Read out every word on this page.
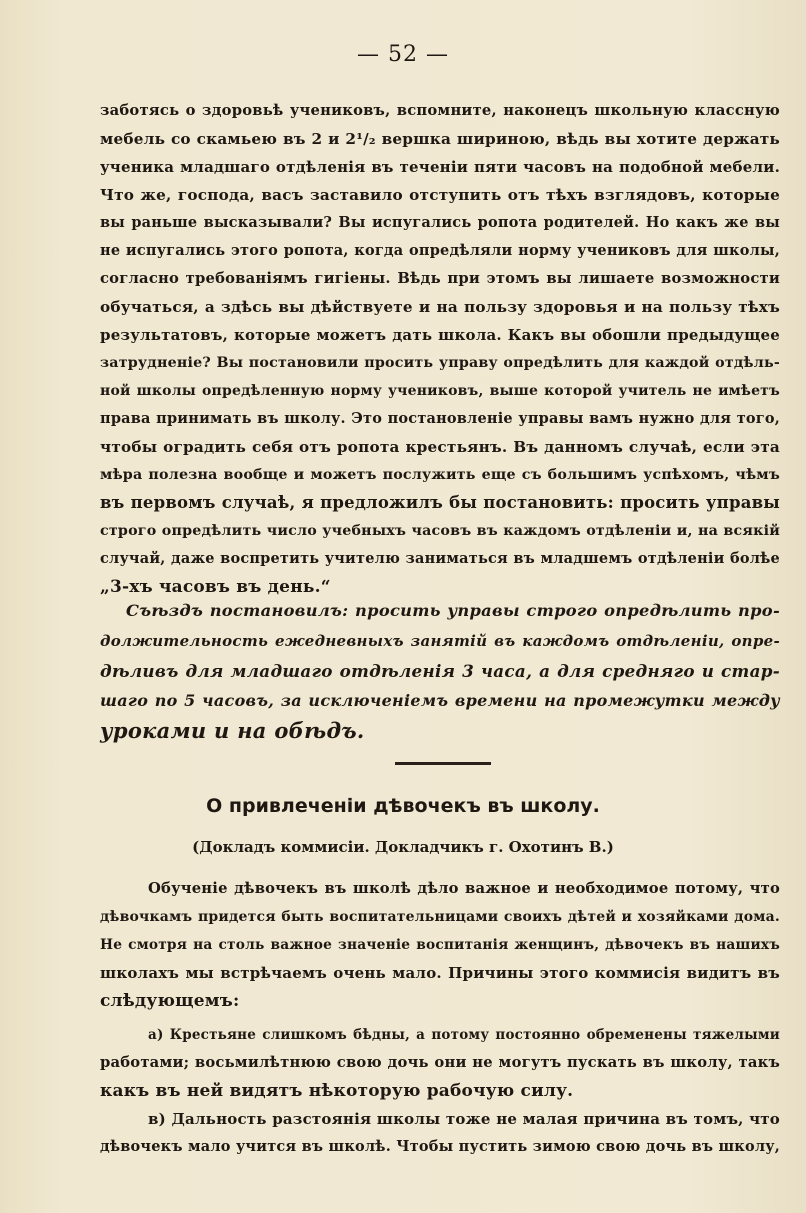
— 52 —
заботясь о здоровьѣ учениковъ, вспомните, наконецъ школьную классную
мебель со скамьею въ 2 и 2¹/₂ вершка шириною, вѣдь вы хотите держать
ученика младшаго отдѣленія въ теченіи пяти часовъ на подобной мебели.
Что же, господа, васъ заставило отступить отъ тѣхъ взглядовъ, которые
вы раньше высказывали? Вы испугались ропота родителей. Но какъ же вы
не испугались этого ропота, когда опредѣляли норму учениковъ для школы,
согласно требованіямъ гигіены. Вѣдь при этомъ вы лишаете возможности
обучаться, а здѣсь вы дѣйствуете и на пользу здоровья и на пользу тѣхъ
результатовъ, которые можетъ дать школа. Какъ вы обошли предыдущее
затрудненіе? Вы постановили просить управу опредѣлить для каждой отдѣль-
ной школы опредѣленную норму учениковъ, выше которой учитель не имѣетъ
права принимать въ школу. Это постановленіе управы вамъ нужно для того,
чтобы оградить себя отъ ропота крестьянъ. Въ данномъ случаѣ, если эта
мѣра полезна вообще и можетъ послужить еще съ большимъ успѣхомъ, чѣмъ
въ первомъ случаѣ, я предложилъ бы постановить: просить управы
строго опредѣлить число учебныхъ часовъ въ каждомъ отдѣленіи и, на всякій
случай, даже воспретить учителю заниматься въ младшемъ отдѣленіи болѣе
„3-хъ часовъ въ день.“
Съѣздъ постановилъ: просить управы строго опредѣлить про-
должительность ежедневныхъ занятій въ каждомъ отдѣленіи, опре-
дѣливъ для младшаго отдѣленія 3 часа, а для средняго и стар-
шаго по 5 часовъ, за исключеніемъ времени на промежутки между
уроками и на обѣдъ.
О привлеченіи дѣвочекъ въ школу.
(Докладъ коммисіи. Докладчикъ г. Охотинъ В.)
Обученіе дѣвочекъ въ школѣ дѣло важное и необходимое потому, что
дѣвочкамъ придется быть воспитательницами своихъ дѣтей и хозяйками дома.
Не смотря на столь важное значеніе воспитанія женщинъ, дѣвочекъ въ нашихъ
школахъ мы встрѣчаемъ очень мало. Причины этого коммисія видитъ въ
слѣдующемъ:
а) Крестьяне слишкомъ бѣдны, а потому постоянно обременены тяжелыми
работами; восьмилѣтнюю свою дочь они не могутъ пускать въ школу, такъ
какъ въ ней видятъ нѣкоторую рабочую силу.
в) Дальность разстоянія школы тоже не малая причина въ томъ, что
дѣвочекъ мало учится въ школѣ. Чтобы пустить зимою свою дочь въ школу,
